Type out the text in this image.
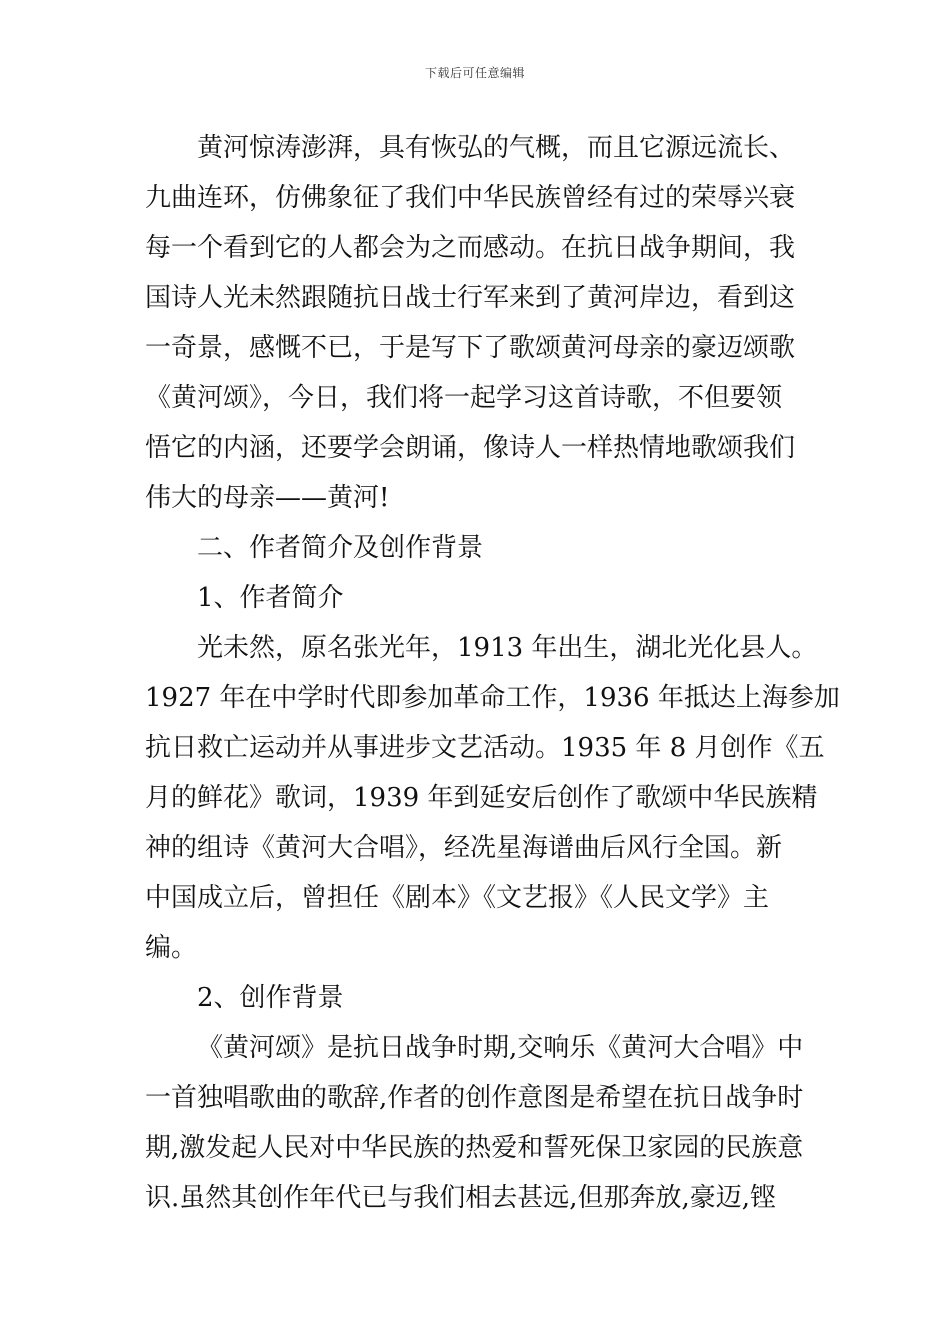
下载后可任意编辑
黄河惊涛澎湃，具有恢弘的气概，而且它源远流长、
九曲连环，仿佛象征了我们中华民族曾经有过的荣辱兴衰
每一个看到它的人都会为之而感动。在抗日战争期间，我
国诗人光未然跟随抗日战士行军来到了黄河岸边，看到这
一奇景，感慨不已，于是写下了歌颂黄河母亲的豪迈颂歌
《黄河颂》，今日，我们将一起学习这首诗歌，不但要领
悟它的内涵，还要学会朗诵，像诗人一样热情地歌颂我们
伟大的母亲——黄河!
二、作者简介及创作背景
1、作者简介
光未然，原名张光年，1913 年出生，湖北光化县人。
1927 年在中学时代即参加革命工作，1936 年抵达上海参加
抗日救亡运动并从事进步文艺活动。1935 年 8 月创作《五
月的鲜花》歌词，1939 年到延安后创作了歌颂中华民族精
神的组诗《黄河大合唱》，经冼星海谱曲后风行全国。新
中国成立后，曾担任《剧本》《文艺报》《人民文学》主
编。
2、创作背景
《黄河颂》是抗日战争时期,交响乐《黄河大合唱》中
一首独唱歌曲的歌辞,作者的创作意图是希望在抗日战争时
期,激发起人民对中华民族的热爱和誓死保卫家园的民族意
识.虽然其创作年代已与我们相去甚远,但那奔放,豪迈,铿
